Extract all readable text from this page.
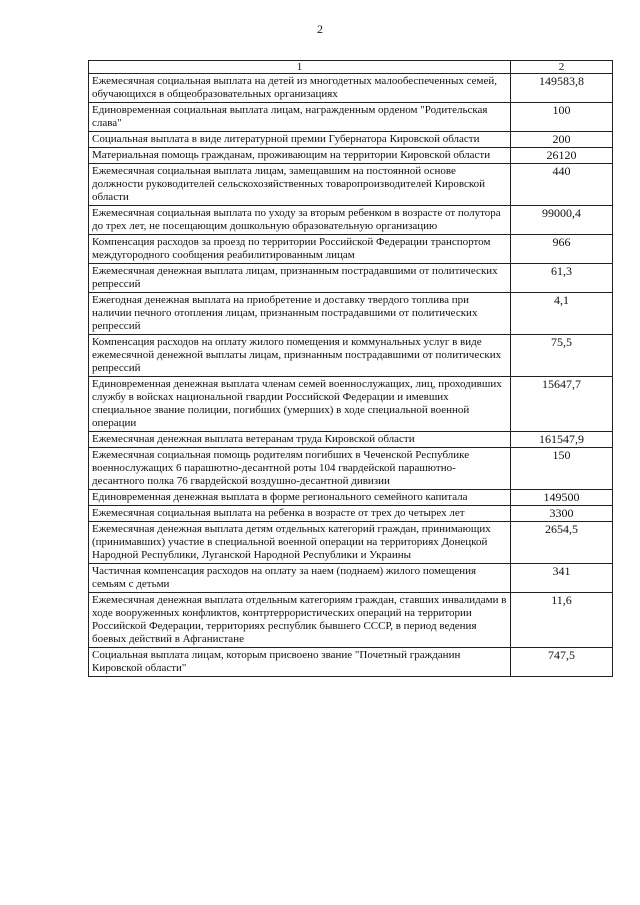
2
1	2
Ежемесячная социальная выплата на детей из многодетных малообеспеченных семей, обучающихся в общеобразовательных организациях	149583,8
Единовременная социальная выплата лицам, награжденным орденом "Родительская слава"	100
Социальная выплата в виде литературной премии Губернатора Кировской области	200
Материальная помощь гражданам, проживающим на территории Кировской области	26120
Ежемесячная социальная выплата лицам, замещавшим на постоянной основе должности руководителей сельскохозяйственных товаропроизводителей Кировской области	440
Ежемесячная социальная выплата по уходу за вторым ребенком в возрасте от полутора до трех лет, не посещающим дошкольную образовательную организацию	99000,4
Компенсация расходов за проезд по территории Российской Федерации транспортом междугородного сообщения реабилитированным лицам	966
Ежемесячная денежная выплата лицам, признанным пострадавшими от политических репрессий	61,3
Ежегодная денежная выплата на приобретение и доставку твердого топлива при наличии печного отопления лицам, признанным пострадавшими от политических репрессий	4,1
Компенсация расходов на оплату жилого помещения и коммунальных услуг в виде ежемесячной денежной выплаты лицам, признанным пострадавшими от политических репрессий	75,5
Единовременная денежная выплата членам семей военнослужащих, лиц, проходивших службу в войсках национальной гвардии Российской Федерации и имевших специальное звание полиции, погибших (умерших) в ходе специальной военной операции	15647,7
Ежемесячная денежная выплата ветеранам труда Кировской области	161547,9
Ежемесячная социальная помощь родителям погибших в Чеченской Республике военнослужащих 6 парашютно-десантной роты 104 гвардейской парашютно-десантного полка 76 гвардейской воздушно-десантной дивизии	150
Единовременная денежная выплата в форме регионального семейного капитала	149500
Ежемесячная социальная выплата на ребенка в возрасте от трех до четырех лет	3300
Ежемесячная денежная выплата детям отдельных категорий граждан, принимающих (принимавших) участие в специальной военной операции на территориях Донецкой Народной Республики, Луганской Народной Республики и Украины	2654,5
Частичная компенсация расходов на оплату за наем (поднаем) жилого помещения семьям с детьми	341
Ежемесячная денежная выплата отдельным категориям граждан, ставших инвалидами в ходе вооруженных конфликтов, контртеррористических операций на территории Российской Федерации, территориях республик бывшего СССР, в период ведения боевых действий в Афганистане	11,6
Социальная выплата лицам, которым присвоено звание "Почетный гражданин Кировской области"	747,5
